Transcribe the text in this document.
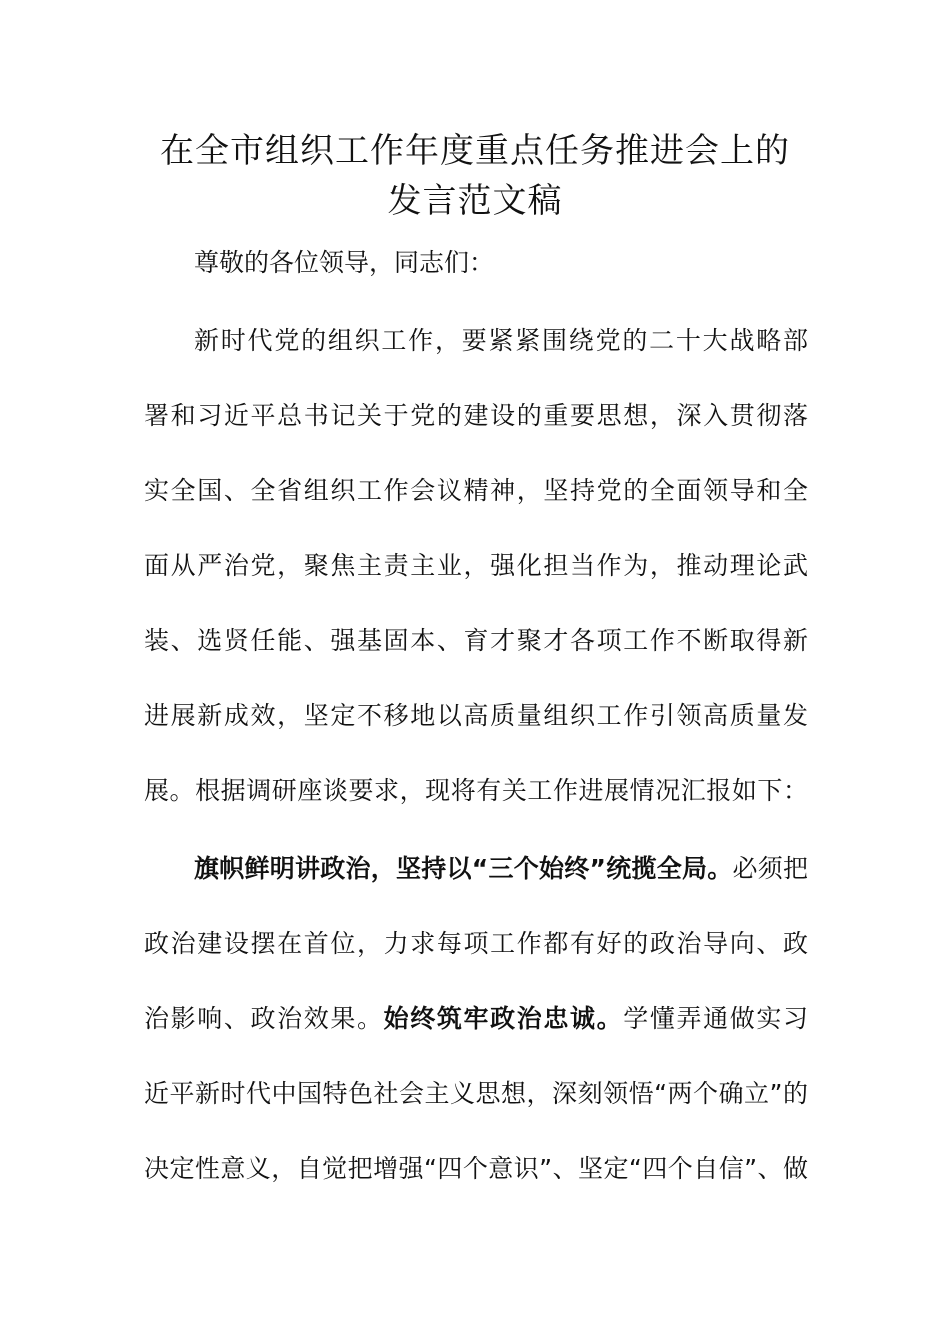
在全市组织工作年度重点任务推进会上的
发言范文稿
尊敬的各位领导，同志们：
新时代党的组织工作，要紧紧围绕党的二十大战略部
署和习近平总书记关于党的建设的重要思想，深入贯彻落
实全国、全省组织工作会议精神，坚持党的全面领导和全
面从严治党，聚焦主责主业，强化担当作为，推动理论武
装、选贤任能、强基固本、育才聚才各项工作不断取得新
进展新成效，坚定不移地以高质量组织工作引领高质量发
展。根据调研座谈要求，现将有关工作进展情况汇报如下：
旗帜鲜明讲政治，坚持以“三个始终”统揽全局。必须把
政治建设摆在首位，力求每项工作都有好的政治导向、政
治影响、政治效果。始终筑牢政治忠诚。学懂弄通做实习
近平新时代中国特色社会主义思想，深刻领悟“两个确立”的
决定性意义，自觉把增强“四个意识”、坚定“四个自信”、做
